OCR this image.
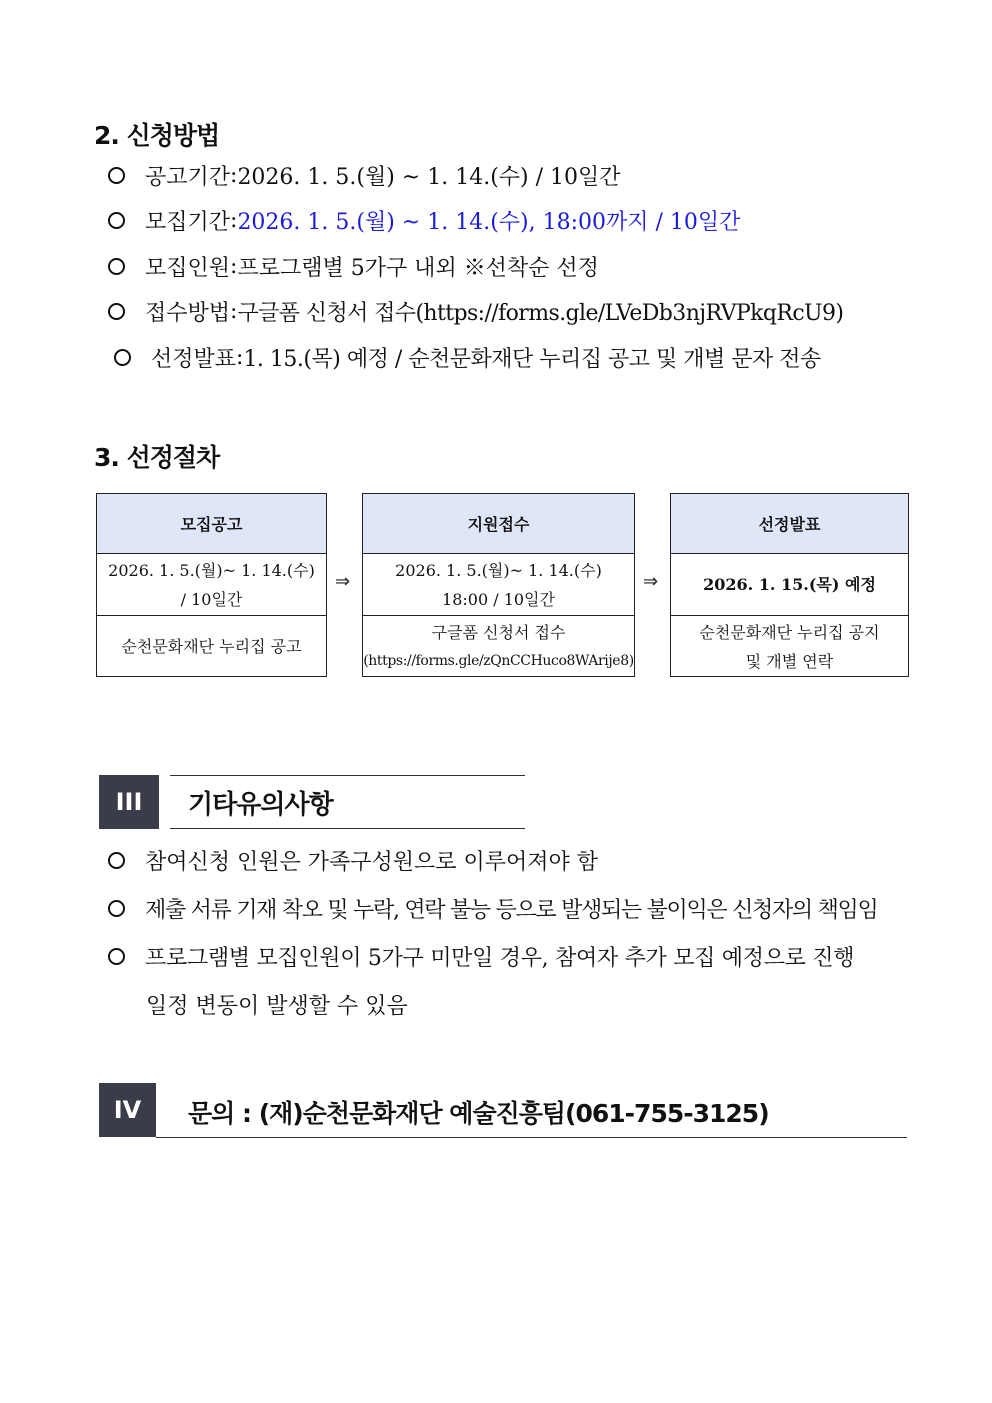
2. 신청방법
공고기간 : 2026. 1. 5.(월) ~ 1. 14.(수) / 10일간
모집기간 : 2026. 1. 5.(월) ~ 1. 14.(수), 18:00까지 / 10일간
모집인원 : 프로그램별 5가구 내외 ※선착순 선정
접수방법 : 구글폼 신청서 접수(https://forms.gle/LVeDb3njRVPkqRcU9)
선정발표 : 1. 15.(목) 예정 / 순천문화재단 누리집 공고 및 개별 문자 전송
3. 선정절차
모집공고
2026. 1. 5.(월)~ 1. 14.(수)
/ 10일간
순천문화재단 누리집 공고
⇒
지원접수
2026. 1. 5.(월)~ 1. 14.(수)
18:00 / 10일간
구글폼 신청서 접수
(https://forms.gle/zQnCCHuco8WArije8)
⇒
선정발표
2026. 1. 15.(목) 예정
순천문화재단 누리집 공지
및 개별 연락
III	기타유의사항
참여신청 인원은 가족구성원으로 이루어져야 함
제출 서류 기재 착오 및 누락, 연락 불능 등으로 발생되는 불이익은 신청자의 책임임
프로그램별 모집인원이 5가구 미만일 경우, 참여자 추가 모집 예정으로 진행
일정 변동이 발생할 수 있음
IV	문의 : (재)순천문화재단 예술진흥팀(061-755-3125)
